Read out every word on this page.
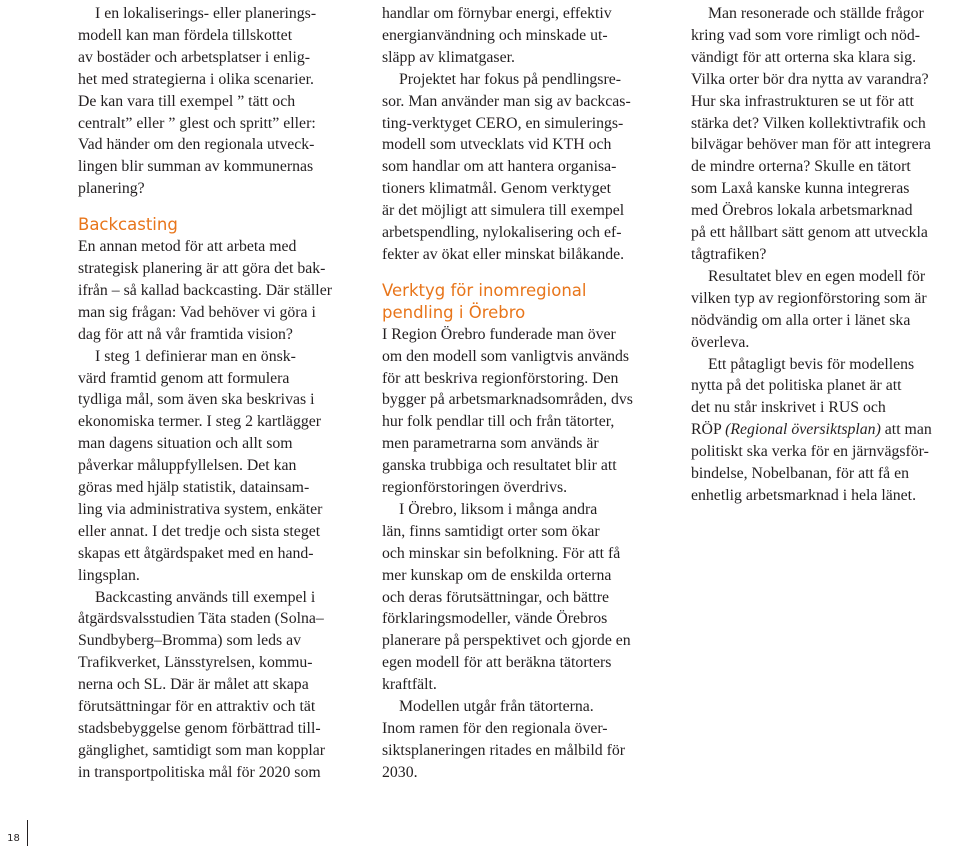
I en lokaliserings- eller planerings-
modell kan man fördela tillskottet
av bostäder och arbetsplatser i enlig-
het med strategierna i olika scenarier.
De kan vara till exempel ” tätt och
centralt” eller ” glest och spritt” eller:
Vad händer om den regionala utveck-
lingen blir summan av kommunernas
planering?

Backcasting

En annan metod för att arbeta med
strategisk planering är att göra det bak-
ifrån – så kallad backcasting. Där ställer
man sig frågan: Vad behöver vi göra i
dag för att nå vår framtida vision?

I steg 1 definierar man en önsk-
värd framtid genom att formulera
tydliga mål, som även ska beskrivas i
ekonomiska termer. I steg 2 kartlägger
man dagens situation och allt som
påverkar måluppfyllelsen. Det kan
göras med hjälp statistik, datainsam-
ling via administrativa system, enkäter
eller annat. I det tredje och sista steget
skapas ett åtgärdspaket med en hand-
lingsplan.

Backcasting används till exempel i
åtgärdsvalsstudien Täta staden (Solna–
Sundbyberg–Bromma) som leds av
Trafikverket, Länsstyrelsen, kommu-
nerna och SL. Där är målet att skapa
förutsättningar för en attraktiv och tät
stadsbebyggelse genom förbättrad till-
gänglighet, samtidigt som man kopplar
in transportpolitiska mål för 2020 som

handlar om förnybar energi, effektiv
energianvändning och minskade ut-
släpp av klimatgaser.

Projektet har fokus på pendlingsre-
sor. Man använder man sig av backcas-
ting-verktyget CERO, en simulerings-
modell som utvecklats vid KTH och
som handlar om att hantera organisa-
tioners klimatmål. Genom verktyget
är det möjligt att simulera till exempel
arbetspendling, nylokalisering och ef-
fekter av ökat eller minskat bilåkande.

Verktyg för inomregional
pendling i Örebro

I Region Örebro funderade man över
om den modell som vanligtvis används
för att beskriva regionförstoring. Den
bygger på arbetsmarknadsområden, dvs
hur folk pendlar till och från tätorter,
men parametrarna som används är
ganska trubbiga och resultatet blir att
regionförstoringen överdrivs.

I Örebro, liksom i många andra
län, finns samtidigt orter som ökar
och minskar sin befolkning. För att få
mer kunskap om de enskilda orterna
och deras förutsättningar, och bättre
förklaringsmodeller, vände Örebros
planerare på perspektivet och gjorde en
egen modell för att beräkna tätorters
kraftfält.

Modellen utgår från tätorterna.
Inom ramen för den regionala över-
siktsplaneringen ritades en målbild för
2030.

Man resonerade och ställde frågor
kring vad som vore rimligt och nöd-
vändigt för att orterna ska klara sig.
Vilka orter bör dra nytta av varandra?
Hur ska infrastrukturen se ut för att
stärka det? Vilken kollektivtrafik och
bilvägar behöver man för att integrera
de mindre orterna? Skulle en tätort
som Laxå kanske kunna integreras
med Örebros lokala arbetsmarknad
på ett hållbart sätt genom att utveckla
tågtrafiken?

Resultatet blev en egen modell för
vilken typ av regionförstoring som är
nödvändig om alla orter i länet ska
överleva.

Ett påtagligt bevis för modellens
nytta på det politiska planet är att
det nu står inskrivet i RUS och
RÖP (Regional översiktsplan) att man
politiskt ska verka för en järnvägsför-
bindelse, Nobelbanan, för att få en
enhetlig arbetsmarknad i hela länet.

18
